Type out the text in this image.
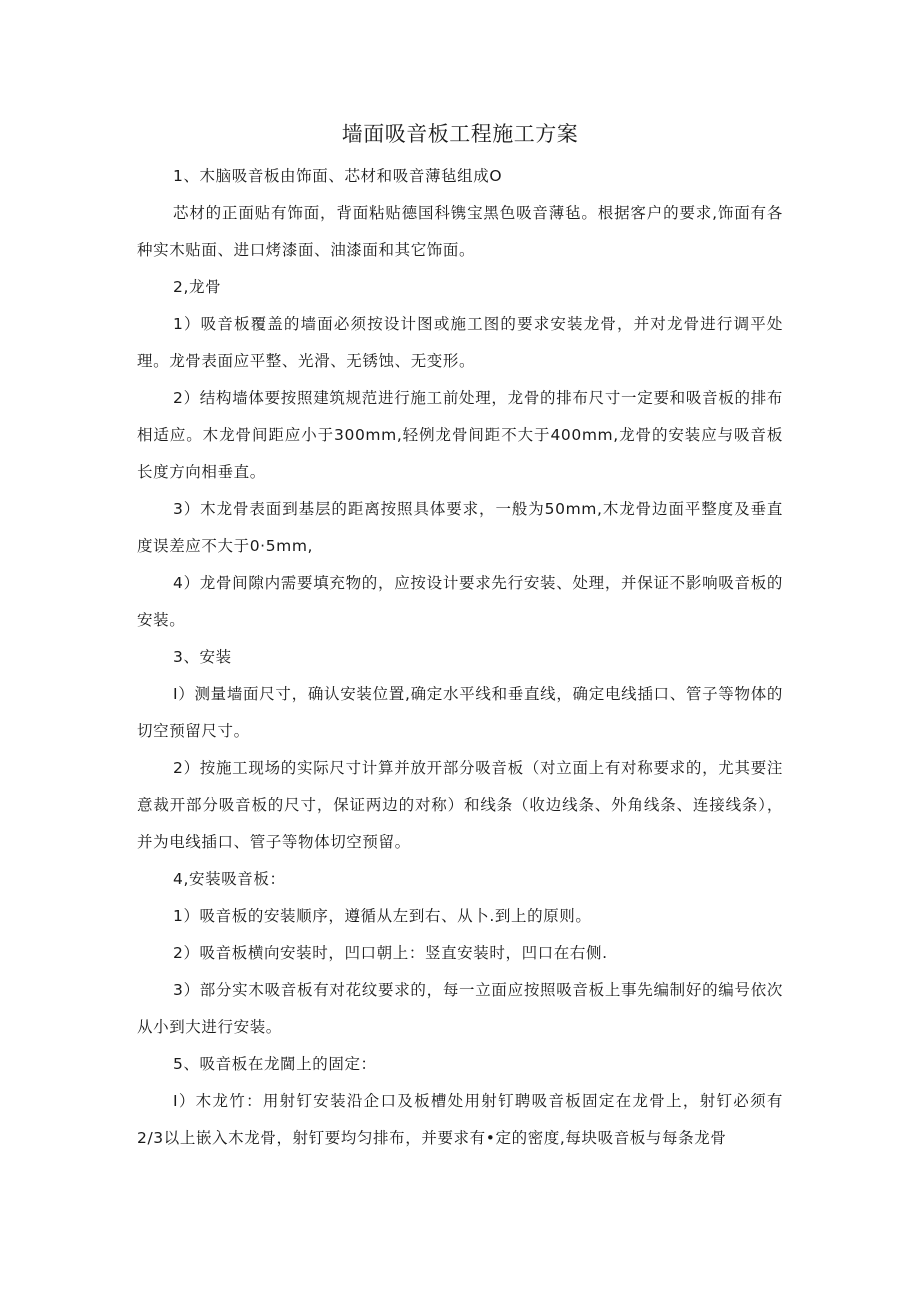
墙面吸音板工程施工方案

1、木脑吸音板由饰面、芯材和吸音薄毡组成O

芯材的正面贴有饰面，背面粘贴德国科镌宝黑色吸音薄毡。根据客户的要求,饰面有各种实木贴面、进口烤漆面、油漆面和其它饰面。

2,龙骨

1）吸音板覆盖的墙面必须按设计图或施工图的要求安装龙骨，并对龙骨进行调平处理。龙骨表面应平整、光滑、无锈蚀、无变形。

2）结构墙体要按照建筑规范进行施工前处理，龙骨的排布尺寸一定要和吸音板的排布相适应。木龙骨间距应小于300mm,轻例龙骨间距不大于400mm,龙骨的安装应与吸音板长度方向相垂直。

3）木龙骨表面到基层的距离按照具体要求，一般为50mm,木龙骨边面平整度及垂直度误差应不大于0·5mm,

4）龙骨间隙内需要填充物的，应按设计要求先行安装、处理，并保证不影响吸音板的安装。

3、安装

I）测量墙面尺寸，确认安装位置,确定水平线和垂直线，确定电线插口、管子等物体的切空预留尺寸。

2）按施工现场的实际尺寸计算并放开部分吸音板（对立面上有对称要求的，尤其要注意裁开部分吸音板的尺寸，保证两边的对称）和线条（收边线条、外角线条、连接线条），并为电线插口、管子等物体切空预留。

4,安装吸音板：

1）吸音板的安装顺序，遵循从左到右、从卜.到上的原则。

2）吸音板横向安装时，凹口朝上：竖直安装时，凹口在右侧.

3）部分实木吸音板有对花纹要求的，每一立面应按照吸音板上事先编制好的编号依次从小到大进行安装。

5、吸音板在龙閫上的固定：

I）木龙竹：用射钉安装沿企口及板槽处用射钉聘吸音板固定在龙骨上，射钉必须有2/3以上嵌入木龙骨，射钉要均匀排布，并要求有•定的密度,每块吸音板与每条龙骨
